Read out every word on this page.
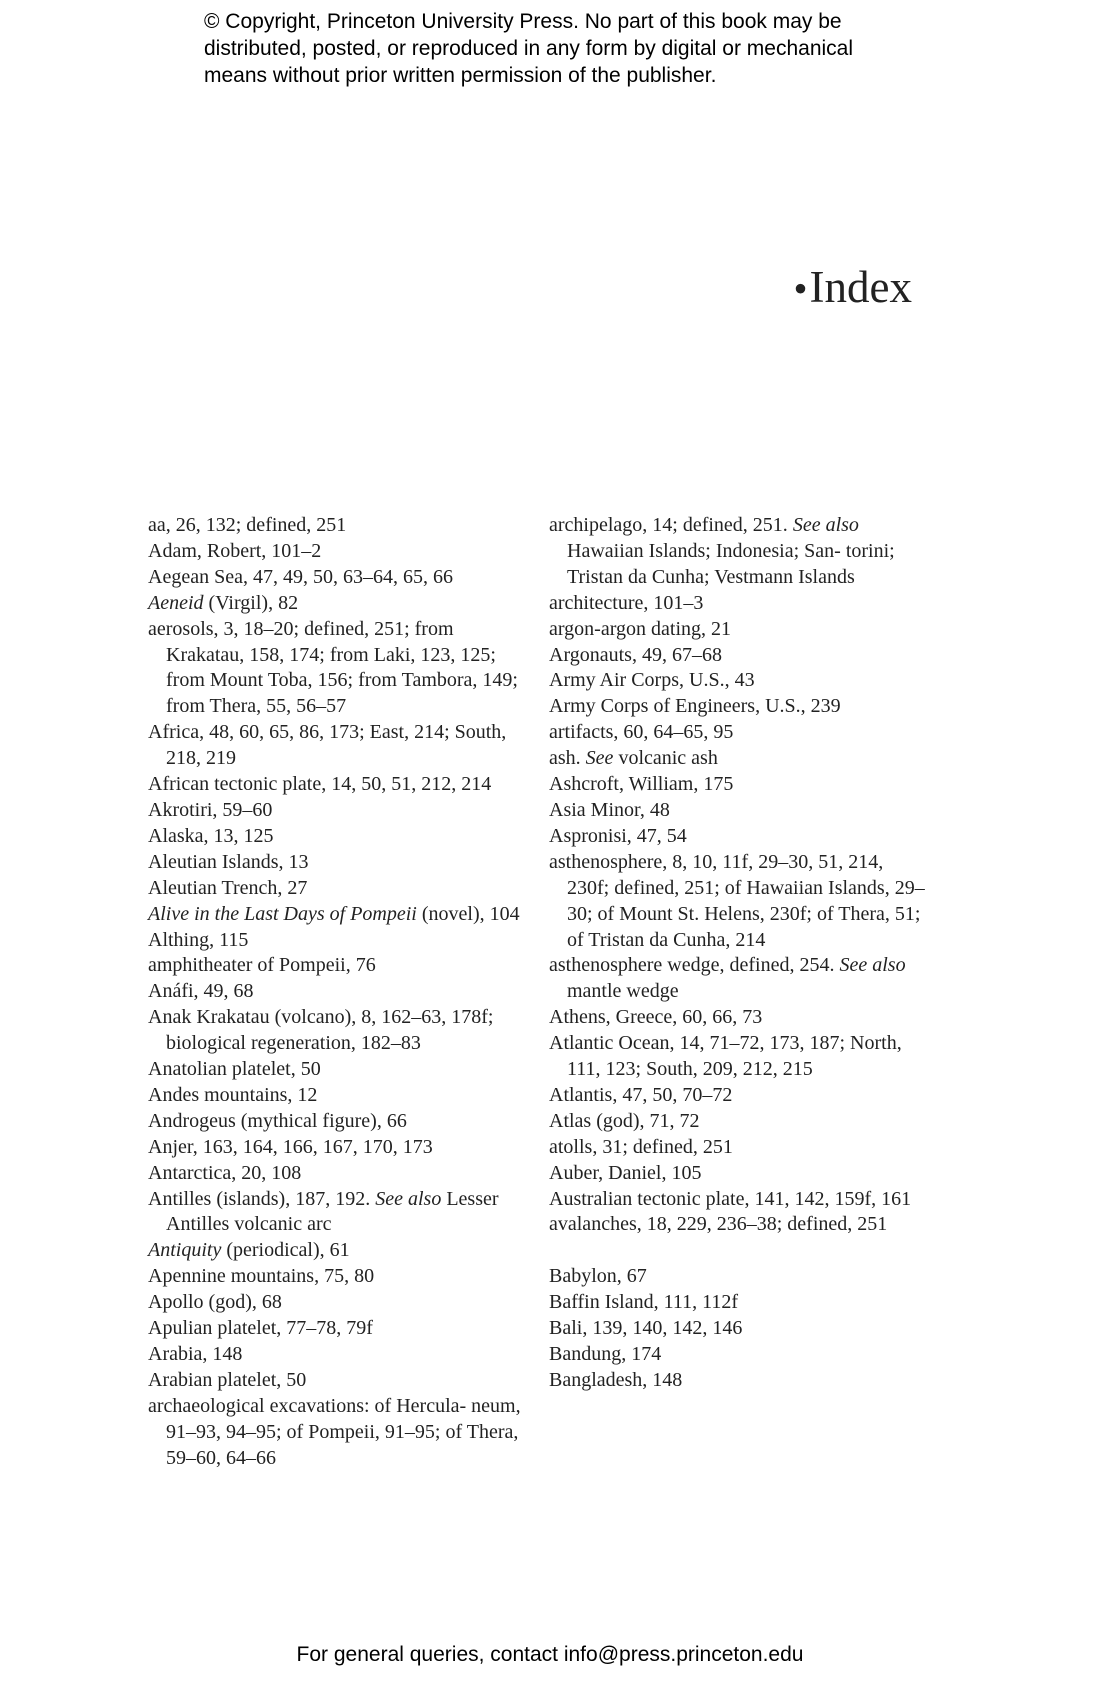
© Copyright, Princeton University Press. No part of this book may be

distributed, posted, or reproduced in any form by digital or mechanical

means without prior written permission of the publisher.

•Index
aa, 26, 132; defined, 251
Adam, Robert, 101–2
Aegean Sea, 47, 49, 50, 63–64, 65, 66
Aeneid (Virgil), 82
aerosols, 3, 18–20; defined, 251; from Krakatau, 158, 174; from Laki, 123, 125; from Mount Toba, 156; from Tambora, 149; from Thera, 55, 56–57
Africa, 48, 60, 65, 86, 173; East, 214; South, 218, 219
African tectonic plate, 14, 50, 51, 212, 214
Akrotiri, 59–60
Alaska, 13, 125
Aleutian Islands, 13
Aleutian Trench, 27
Alive in the Last Days of Pompeii (novel), 104
Althing, 115
amphitheater of Pompeii, 76
Anáfi, 49, 68
Anak Krakatau (volcano), 8, 162–63, 178f; biological regeneration, 182–83
Anatolian platelet, 50
Andes mountains, 12
Androgeus (mythical figure), 66
Anjer, 163, 164, 166, 167, 170, 173
Antarctica, 20, 108
Antilles (islands), 187, 192. See also Lesser Antilles volcanic arc
Antiquity (periodical), 61
Apennine mountains, 75, 80
Apollo (god), 68
Apulian platelet, 77–78, 79f
Arabia, 148
Arabian platelet, 50
archaeological excavations: of Hercula- neum, 91–93, 94–95; of Pompeii, 91–95; of Thera, 59–60, 64–66
archipelago, 14; defined, 251. See also Hawaiian Islands; Indonesia; San- torini; Tristan da Cunha; Vestmann Islands
architecture, 101–3
argon-argon dating, 21
Argonauts, 49, 67–68
Army Air Corps, U.S., 43
Army Corps of Engineers, U.S., 239
artifacts, 60, 64–65, 95
ash. See volcanic ash
Ashcroft, William, 175
Asia Minor, 48
Aspronisi, 47, 54
asthenosphere, 8, 10, 11f, 29–30, 51, 214, 230f; defined, 251; of Hawaiian Islands, 29–30; of Mount St. Helens, 230f; of Thera, 51; of Tristan da Cunha, 214
asthenosphere wedge, defined, 254. See also mantle wedge
Athens, Greece, 60, 66, 73
Atlantic Ocean, 14, 71–72, 173, 187; North, 111, 123; South, 209, 212, 215
Atlantis, 47, 50, 70–72
Atlas (god), 71, 72
atolls, 31; defined, 251
Auber, Daniel, 105
Australian tectonic plate, 141, 142, 159f, 161
avalanches, 18, 229, 236–38; defined, 251
Babylon, 67
Baffin Island, 111, 112f
Bali, 139, 140, 142, 146
Bandung, 174
Bangladesh, 148
For general queries, contact info@press.princeton.edu
